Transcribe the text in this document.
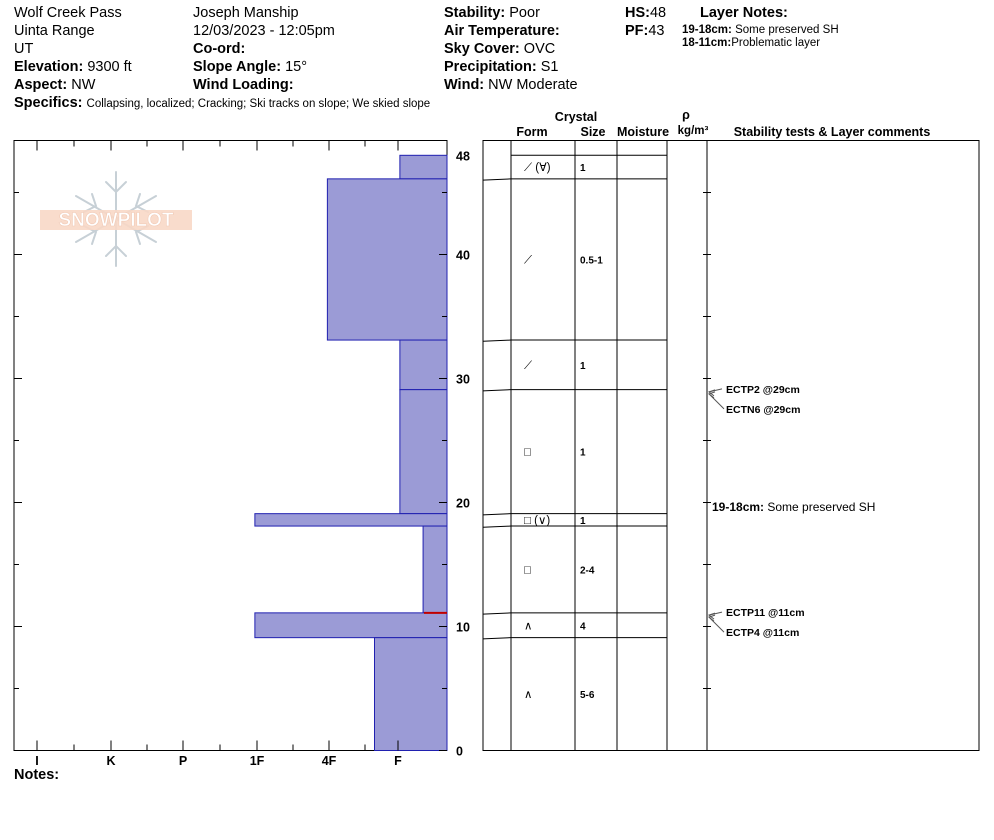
Wolf Creek Pass
Uinta Range
UT
Elevation: 9300 ft
Aspect: NW
Joseph Manship
12/03/2023 - 12:05pm
Co-ord:
Slope Angle: 15°
Wind Loading:
Stability: Poor
Air Temperature:
Sky Cover: OVC
Precipitation: S1
Wind: NW Moderate
HS:48
PF:43
Layer Notes:
19-18cm: Some preserved SH
18-11cm:Problematic layer
Specifics: Collapsing, localized; Cracking; Ski tracks on slope; We skied slope
Notes:
SNOWPILOT
I	K	P	1F	4F	F
0
10
20
30
40
48
Crystal
Form	Size Moisture
ρ
kg/m³ Stability tests & Layer comments
⟋ (∀)	1
⟋	0.5-1
⟋	1
□	1
□ (∨)	1
□	2-4
∧	4
∧	5-6
ECTP11 @11cm
ECTP4 @11cm
ECTP2 @29cm
ECTN6 @29cm
19-18cm: Some preserved SH
